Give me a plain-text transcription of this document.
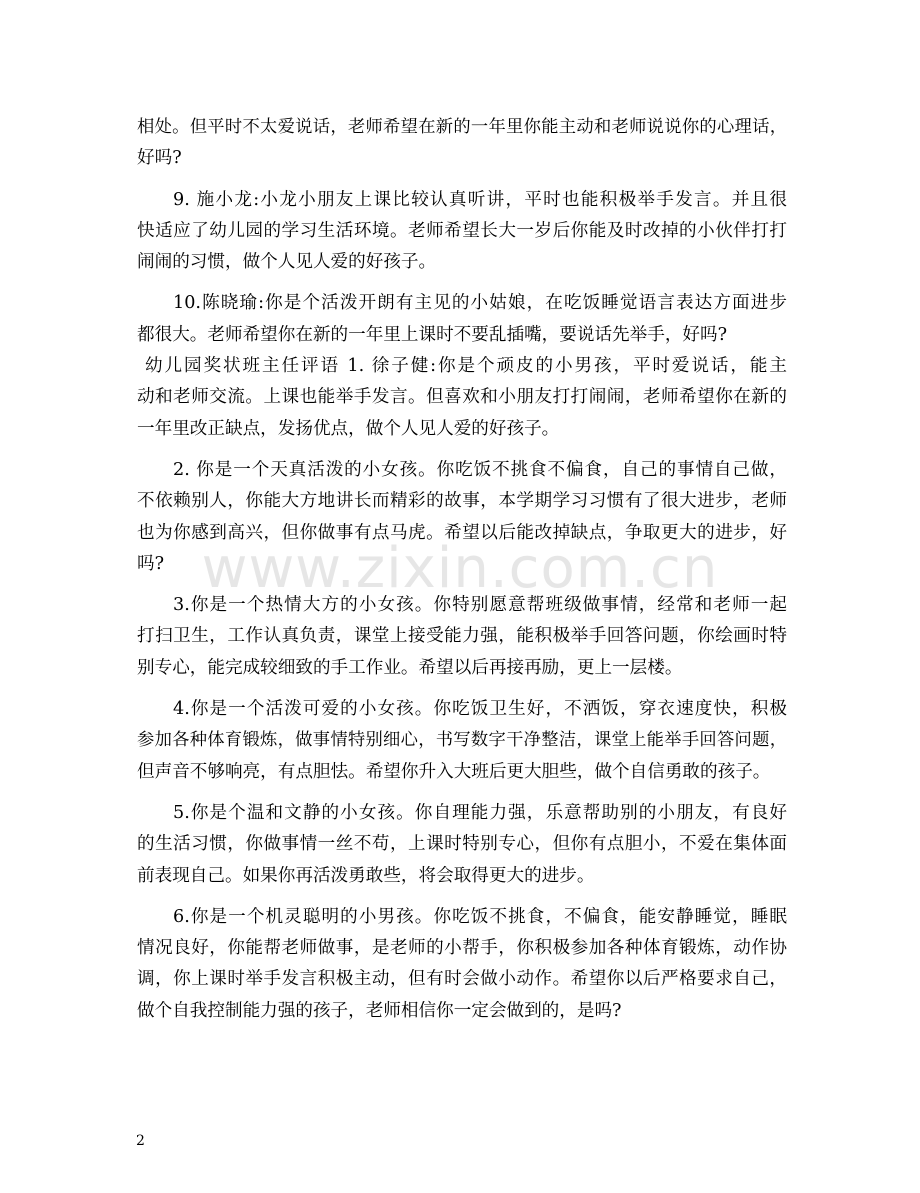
www.zixin.com.cn
相处。但平时不太爱说话，老师希望在新的一年里你能主动和老师说说你的心理话，
好吗?
9. 施小龙:小龙小朋友上课比较认真听讲，平时也能积极举手发言。并且很
快适应了幼儿园的学习生活环境。老师希望长大一岁后你能及时改掉的小伙伴打打
闹闹的习惯，做个人见人爱的好孩子。
10.陈晓瑜:你是个活泼开朗有主见的小姑娘，在吃饭睡觉语言表达方面进步
都很大。老师希望你在新的一年里上课时不要乱插嘴，要说话先举手，好吗?
幼儿园奖状班主任评语 1. 徐子健:你是个顽皮的小男孩，平时爱说话，能主
动和老师交流。上课也能举手发言。但喜欢和小朋友打打闹闹，老师希望你在新的
一年里改正缺点，发扬优点，做个人见人爱的好孩子。
2. 你是一个天真活泼的小女孩。你吃饭不挑食不偏食，自己的事情自己做，
不依赖别人，你能大方地讲长而精彩的故事，本学期学习习惯有了很大进步，老师
也为你感到高兴，但你做事有点马虎。希望以后能改掉缺点，争取更大的进步，好
吗?
3.你是一个热情大方的小女孩。你特别愿意帮班级做事情，经常和老师一起
打扫卫生，工作认真负责，课堂上接受能力强，能积极举手回答问题，你绘画时特
别专心，能完成较细致的手工作业。希望以后再接再励，更上一层楼。
4.你是一个活泼可爱的小女孩。你吃饭卫生好，不洒饭，穿衣速度快，积极
参加各种体育锻炼，做事情特别细心，书写数字干净整洁，课堂上能举手回答问题，
但声音不够响亮，有点胆怯。希望你升入大班后更大胆些，做个自信勇敢的孩子。
5.你是个温和文静的小女孩。你自理能力强，乐意帮助别的小朋友，有良好
的生活习惯，你做事情一丝不苟，上课时特别专心，但你有点胆小，不爱在集体面
前表现自己。如果你再活泼勇敢些，将会取得更大的进步。
6.你是一个机灵聪明的小男孩。你吃饭不挑食，不偏食，能安静睡觉，睡眠
情况良好，你能帮老师做事，是老师的小帮手，你积极参加各种体育锻炼，动作协
调，你上课时举手发言积极主动，但有时会做小动作。希望你以后严格要求自己，
做个自我控制能力强的孩子，老师相信你一定会做到的，是吗?
2
